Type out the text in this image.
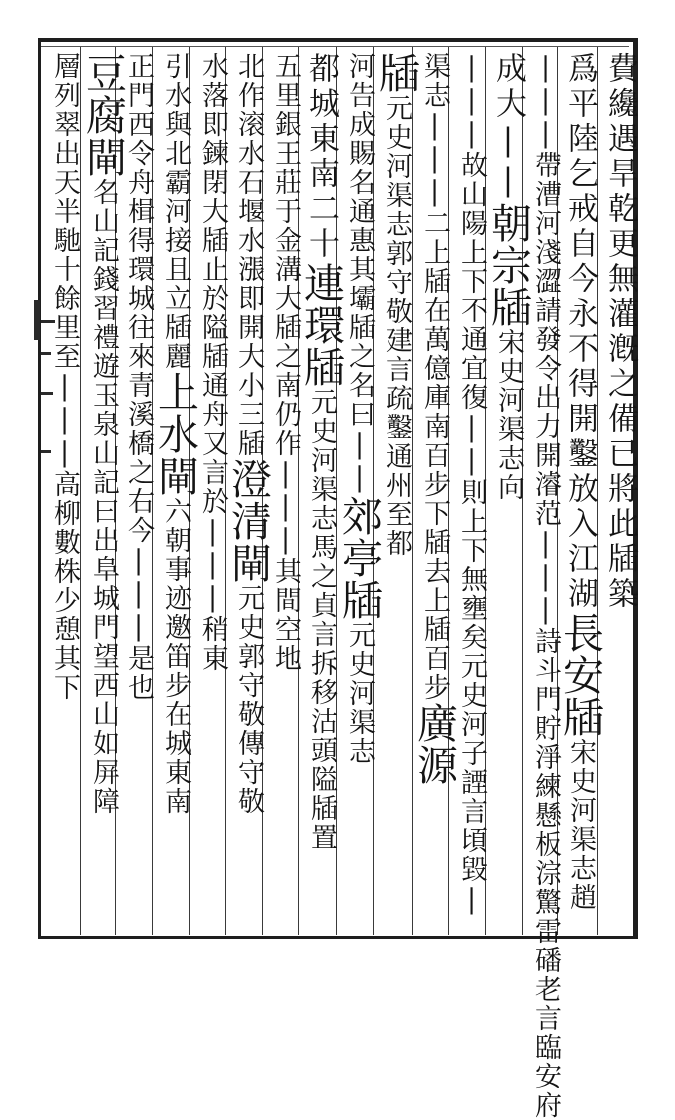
費纔遇旱乾更無灌漑之備已將此牐築
爲平陸乞戒自今永不得開鑿放入江湖長安牐宋史河渠志趙
|||帶漕河淺澀請發令出力開濬范|||詩斗門貯淨練懸板淙驚雷磻老言臨安府
成大||朝宗牐宋史河渠志向
|||故山陽上下不通宜復||則上下無壅矣元史河子諲言頃毀|
渠志|||二上牐在萬億庫南百步下牐去上牐百步廣源
牐元史河渠志郭守敬建言疏鑿通州至都
河告成賜名通惠其壩牐之名曰||郊亭牐元史河渠志
都城東南二十連環牐元史河渠志馬之貞言拆移沽頭隘牐置
五里銀王莊于金溝大牐之南仍作|||其間空地
北作滚水石堰水漲即開大小三牐澄清閘元史郭守敬傳守敬
水落即鍊閉大牐止於隘牐通舟又言於|||稍東
引水與北霸河接且立牐麗上水閘六朝事迹邀笛步在城東南
正門西令舟楫得環城往來青溪橋之右今|||是也
豆腐閘名山記錢習禮遊玉泉山記曰出阜城門望西山如屏障
層列翠出天半馳十餘里至|||高柳數株少憩其下
